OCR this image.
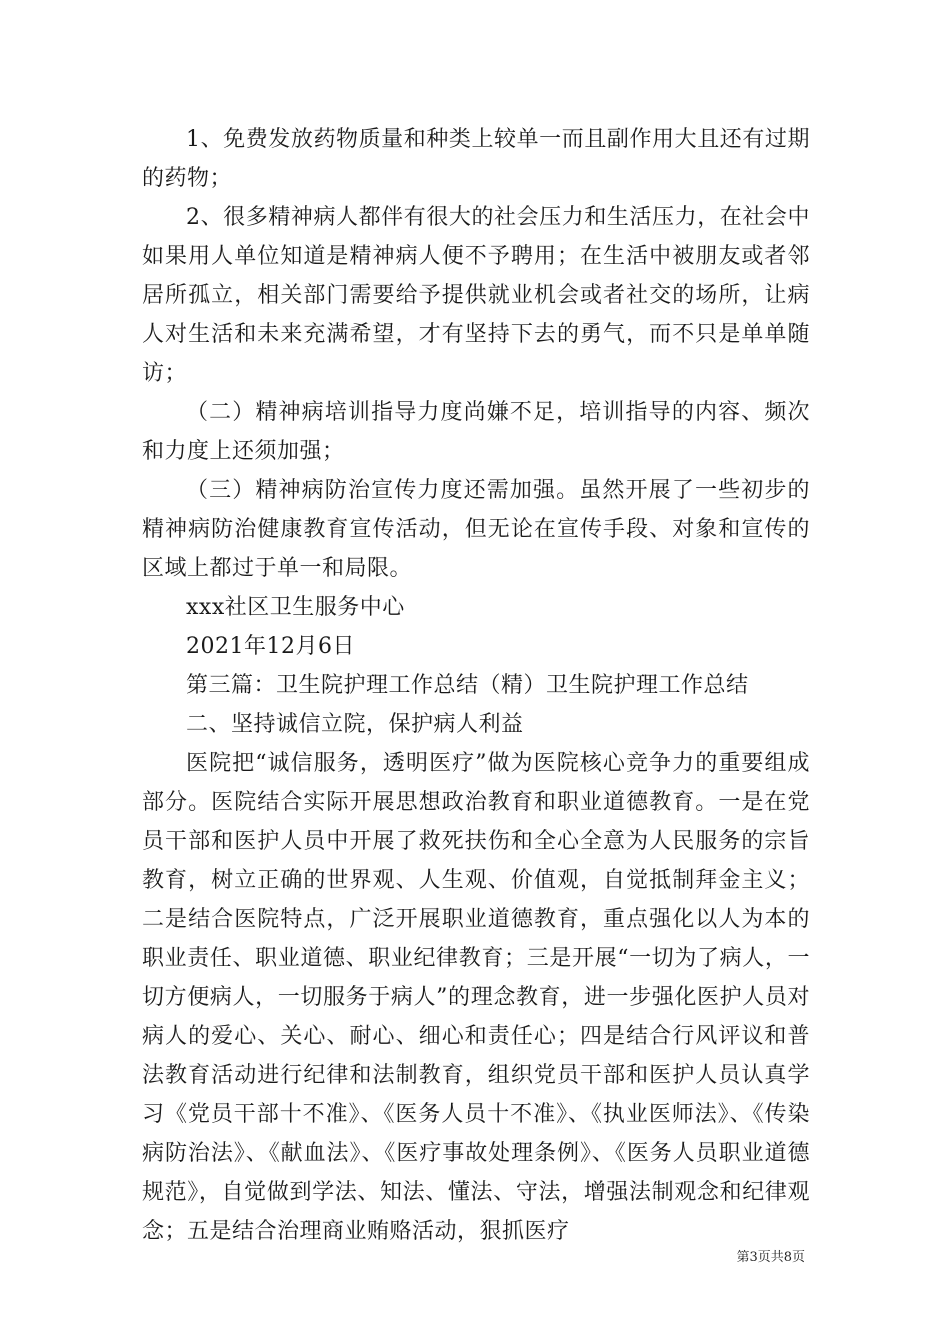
1、免费发放药物质量和种类上较单一而且副作用大且还有过期的药物；

2、很多精神病人都伴有很大的社会压力和生活压力，在社会中如果用人单位知道是精神病人便不予聘用；在生活中被朋友或者邻居所孤立，相关部门需要给予提供就业机会或者社交的场所，让病人对生活和未来充满希望，才有坚持下去的勇气，而不只是单单随访；

（二）精神病培训指导力度尚嫌不足，培训指导的内容、频次和力度上还须加强；

（三）精神病防治宣传力度还需加强。虽然开展了一些初步的精神病防治健康教育宣传活动，但无论在宣传手段、对象和宣传的区域上都过于单一和局限。

xxx社区卫生服务中心

2021年12月6日

第三篇：卫生院护理工作总结（精）卫生院护理工作总结

二、坚持诚信立院，保护病人利益

医院把“诚信服务，透明医疗”做为医院核心竞争力的重要组成部分。医院结合实际开展思想政治教育和职业道德教育。一是在党员干部和医护人员中开展了救死扶伤和全心全意为人民服务的宗旨教育，树立正确的世界观、人生观、价值观，自觉抵制拜金主义；二是结合医院特点，广泛开展职业道德教育，重点强化以人为本的职业责任、职业道德、职业纪律教育；三是开展“一切为了病人，一切方便病人，一切服务于病人”的理念教育，进一步强化医护人员对病人的爱心、关心、耐心、细心和责任心；四是结合行风评议和普法教育活动进行纪律和法制教育，组织党员干部和医护人员认真学习《党员干部十不准》、《医务人员十不准》、《执业医师法》、《传染病防治法》、《献血法》、《医疗事故处理条例》、《医务人员职业道德规范》，自觉做到学法、知法、懂法、守法，增强法制观念和纪律观念；五是结合治理商业贿赂活动，狠抓医疗

第3页共8页
